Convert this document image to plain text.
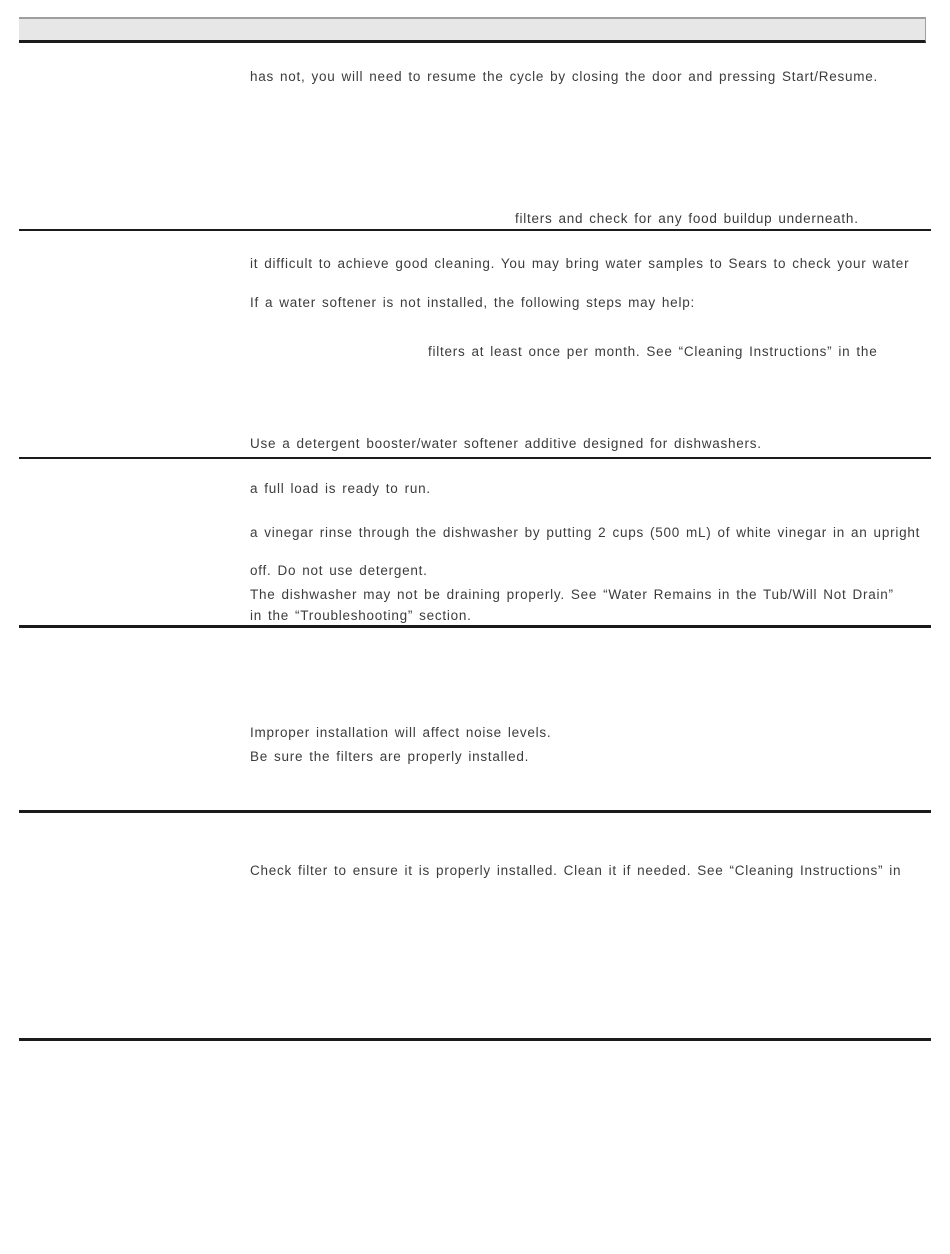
has not, you will need to resume the cycle by closing the door and pressing Start/Resume.
filters and check for any food buildup underneath.
it difficult to achieve good cleaning. You may bring water samples to Sears to check your water
If a water softener is not installed, the following steps may help:
filters at least once per month. See “Cleaning Instructions” in the
Use a detergent booster/water softener additive designed for dishwashers.
a full load is ready to run.
a vinegar rinse through the dishwasher by putting 2 cups (500 mL) of white vinegar in an upright
off. Do not use detergent.
The dishwasher may not be draining properly. See “Water Remains in the Tub/Will Not Drain”
in the “Troubleshooting” section.
Improper installation will affect noise levels.
Be sure the filters are properly installed.
Check filter to ensure it is properly installed. Clean it if needed. See “Cleaning Instructions” in
